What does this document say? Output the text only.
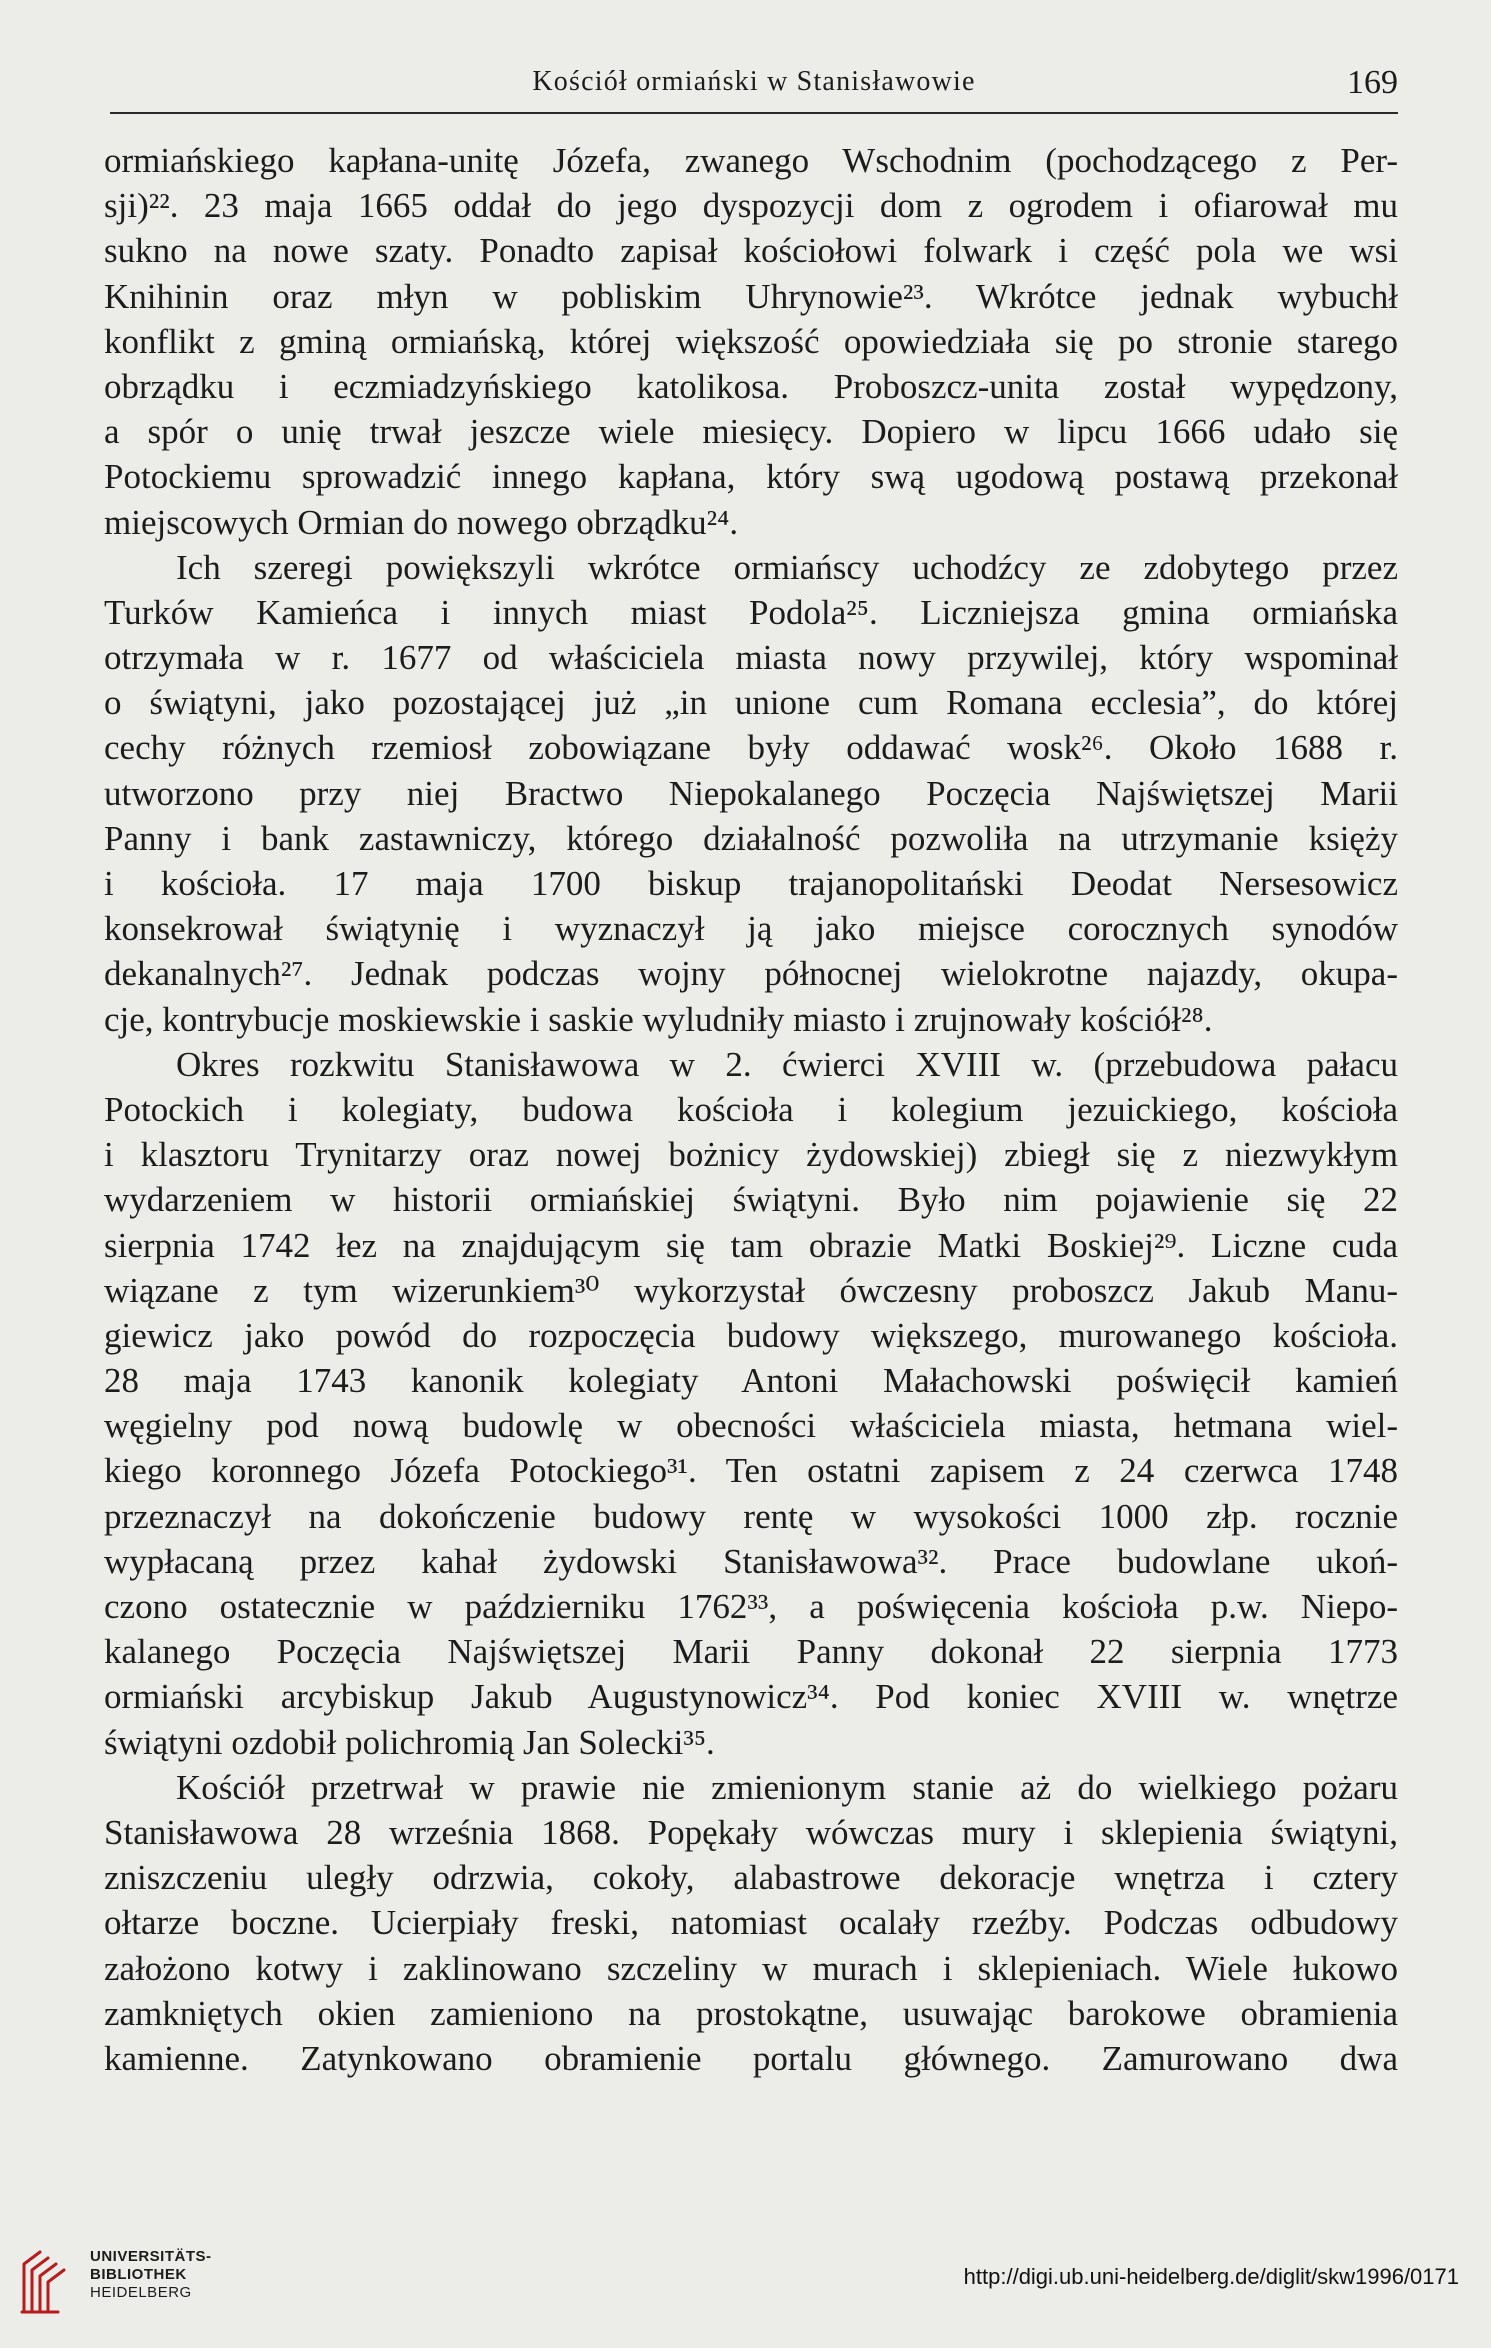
Kościół ormiański w Stanisławowie	169
ormiańskiego kapłana-unitę Józefa, zwanego Wschodnim (pochodzącego z Per-
sji)²². 23 maja 1665 oddał do jego dyspozycji dom z ogrodem i ofiarował mu
sukno na nowe szaty. Ponadto zapisał kościołowi folwark i część pola we wsi
Knihinin oraz młyn w pobliskim Uhrynowie²³. Wkrótce jednak wybuchł
konflikt z gminą ormiańską, której większość opowiedziała się po stronie starego
obrządku i eczmiadzyńskiego katolikosa. Proboszcz-unita został wypędzony,
a spór o unię trwał jeszcze wiele miesięcy. Dopiero w lipcu 1666 udało się
Potockiemu sprowadzić innego kapłana, który swą ugodową postawą przekonał
miejscowych Ormian do nowego obrządku²⁴.
Ich szeregi powiększyli wkrótce ormiańscy uchodźcy ze zdobytego przez
Turków Kamieńca i innych miast Podola²⁵. Liczniejsza gmina ormiańska
otrzymała w r. 1677 od właściciela miasta nowy przywilej, który wspominał
o świątyni, jako pozostającej już „in unione cum Romana ecclesia”, do której
cechy różnych rzemiosł zobowiązane były oddawać wosk²⁶. Około 1688 r.
utworzono przy niej Bractwo Niepokalanego Poczęcia Najświętszej Marii
Panny i bank zastawniczy, którego działalność pozwoliła na utrzymanie księży
i kościoła. 17 maja 1700 biskup trajanopolitański Deodat Nersesowicz
konsekrował świątynię i wyznaczył ją jako miejsce corocznych synodów
dekanalnych²⁷. Jednak podczas wojny północnej wielokrotne najazdy, okupa-
cje, kontrybucje moskiewskie i saskie wyludniły miasto i zrujnowały kościół²⁸.
Okres rozkwitu Stanisławowa w 2. ćwierci XVIII w. (przebudowa pałacu
Potockich i kolegiaty, budowa kościoła i kolegium jezuickiego, kościoła
i klasztoru Trynitarzy oraz nowej bożnicy żydowskiej) zbiegł się z niezwykłym
wydarzeniem w historii ormiańskiej świątyni. Było nim pojawienie się 22
sierpnia 1742 łez na znajdującym się tam obrazie Matki Boskiej²⁹. Liczne cuda
wiązane z tym wizerunkiem³⁰ wykorzystał ówczesny proboszcz Jakub Manu-
giewicz jako powód do rozpoczęcia budowy większego, murowanego kościoła.
28 maja 1743 kanonik kolegiaty Antoni Małachowski poświęcił kamień
węgielny pod nową budowlę w obecności właściciela miasta, hetmana wiel-
kiego koronnego Józefa Potockiego³¹. Ten ostatni zapisem z 24 czerwca 1748
przeznaczył na dokończenie budowy rentę w wysokości 1000 złp. rocznie
wypłacaną przez kahał żydowski Stanisławowa³². Prace budowlane ukoń-
czono ostatecznie w październiku 1762³³, a poświęcenia kościoła p.w. Niepo-
kalanego Poczęcia Najświętszej Marii Panny dokonał 22 sierpnia 1773
ormiański arcybiskup Jakub Augustynowicz³⁴. Pod koniec XVIII w. wnętrze
świątyni ozdobił polichromią Jan Solecki³⁵.
Kościół przetrwał w prawie nie zmienionym stanie aż do wielkiego pożaru
Stanisławowa 28 września 1868. Popękały wówczas mury i sklepienia świątyni,
zniszczeniu uległy odrzwia, cokoły, alabastrowe dekoracje wnętrza i cztery
ołtarze boczne. Ucierpiały freski, natomiast ocalały rzeźby. Podczas odbudowy
założono kotwy i zaklinowano szczeliny w murach i sklepieniach. Wiele łukowo
zamkniętych okien zamieniono na prostokątne, usuwając barokowe obramienia
kamienne. Zatynkowano obramienie portalu głównego. Zamurowano dwa
UNIVERSITÄTS-
BIBLIOTHEK
HEIDELBERG
http://digi.ub.uni-heidelberg.de/diglit/skw1996/0171
